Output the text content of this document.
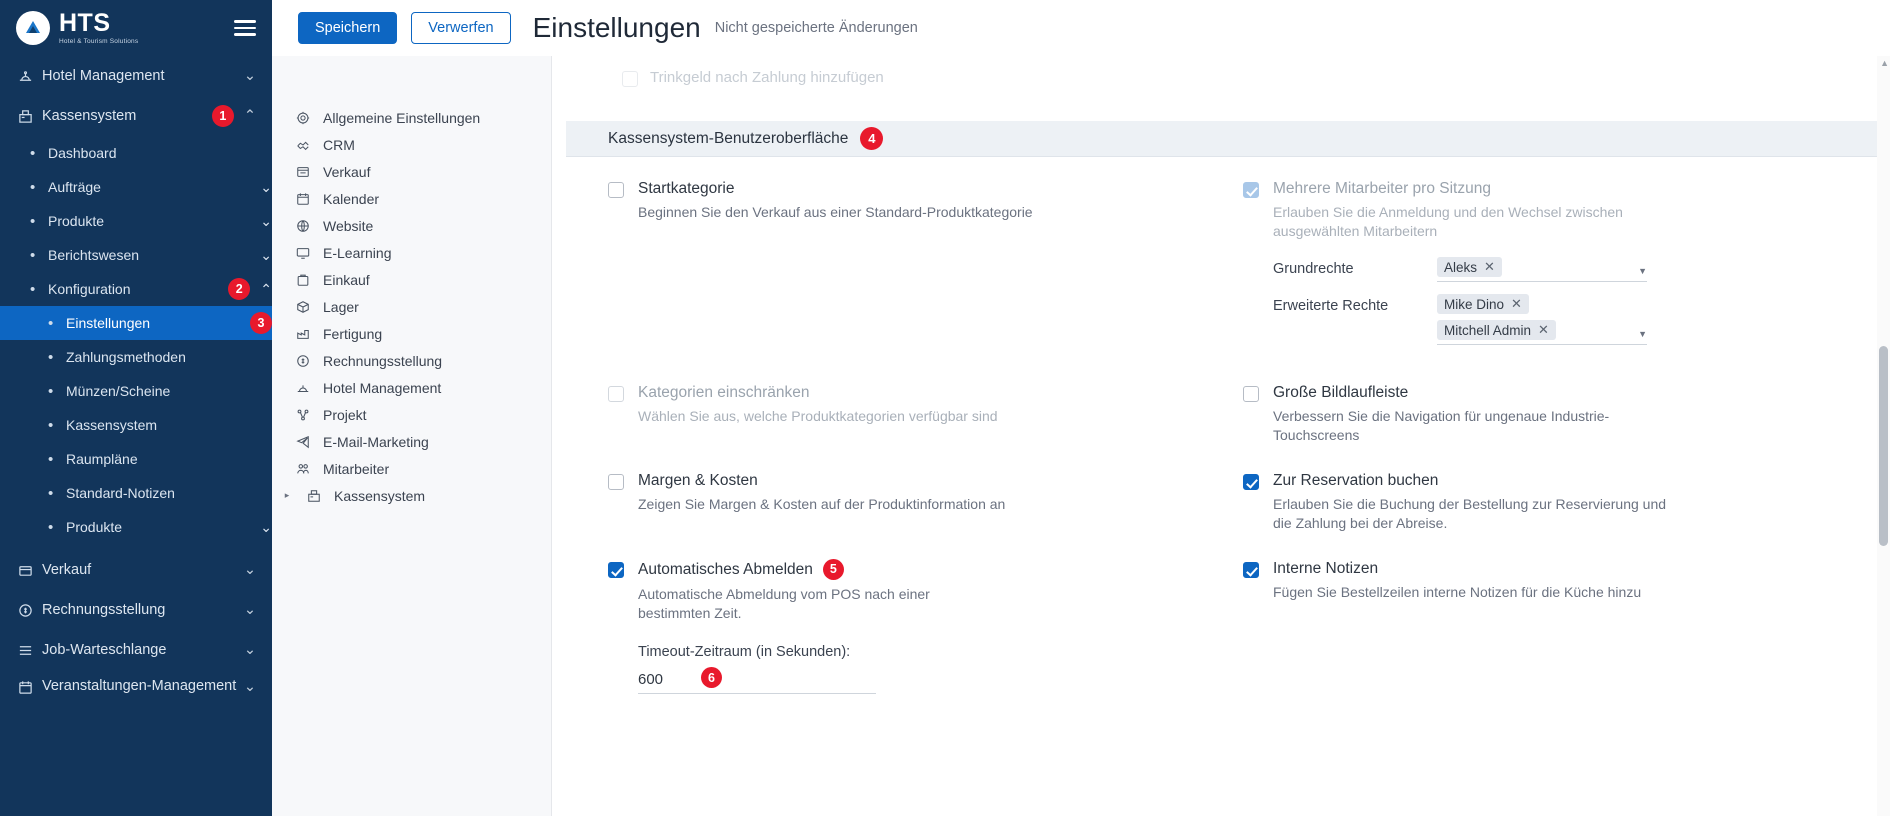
HTS
Hotel & Tourism Solutions
Hotel Management	⌄
Kassensystem	1	⌃
• Dashboard
• Aufträge	⌄
• Produkte	⌄
• Berichtswesen	⌄
• Konfiguration	2	⌃
• Einstellungen	3
• Zahlungsmethoden
• Münzen/Scheine
• Kassensystem
• Raumpläne
• Standard-Notizen
• Produkte	⌄
Verkauf	⌄
Rechnungsstellung	⌄
Job-Warteschlange	⌄
Veranstaltungen-Management ⌄
Speichern	Verwerfen	Einstellungen Nicht gespeicherte Änderungen
Allgemeine Einstellungen
CRM
Verkauf
Kalender
Website
E-Learning
Einkauf
Lager
Fertigung
Rechnungsstellung
Hotel Management
Projekt
E-Mail-Marketing
Mitarbeiter
▸	Kassensystem
Trinkgeld nach Zahlung hinzufügen
Kassensystem-Benutzeroberfläche	4
Startkategorie
Beginnen Sie den Verkauf aus einer Standard-Produktkategorie
Mehrere Mitarbeiter pro Sitzung
Erlauben Sie die Anmeldung und den Wechsel zwischen ausgewählten Mitarbeitern
Grundrechte	Aleks ✕	▼
Erweiterte Rechte	Mike Dino ✕
Mitchell Admin ✕	▼
Kategorien einschränken
Wählen Sie aus, welche Produktkategorien verfügbar sind
Große Bildlaufleiste
Verbessern Sie die Navigation für ungenaue Industrie-Touchscreens
Margen & Kosten
Zeigen Sie Margen & Kosten auf der Produktinformation an
Zur Reservation buchen
Erlauben Sie die Buchung der Bestellung zur Reservierung und die Zahlung bei der Abreise.
Automatisches Abmelden	5
Automatische Abmeldung vom POS nach einer bestimmten Zeit.
Timeout-Zeitraum (in Sekunden):
600
6
Interne Notizen
Fügen Sie Bestellzeilen interne Notizen für die Küche hinzu
▲
